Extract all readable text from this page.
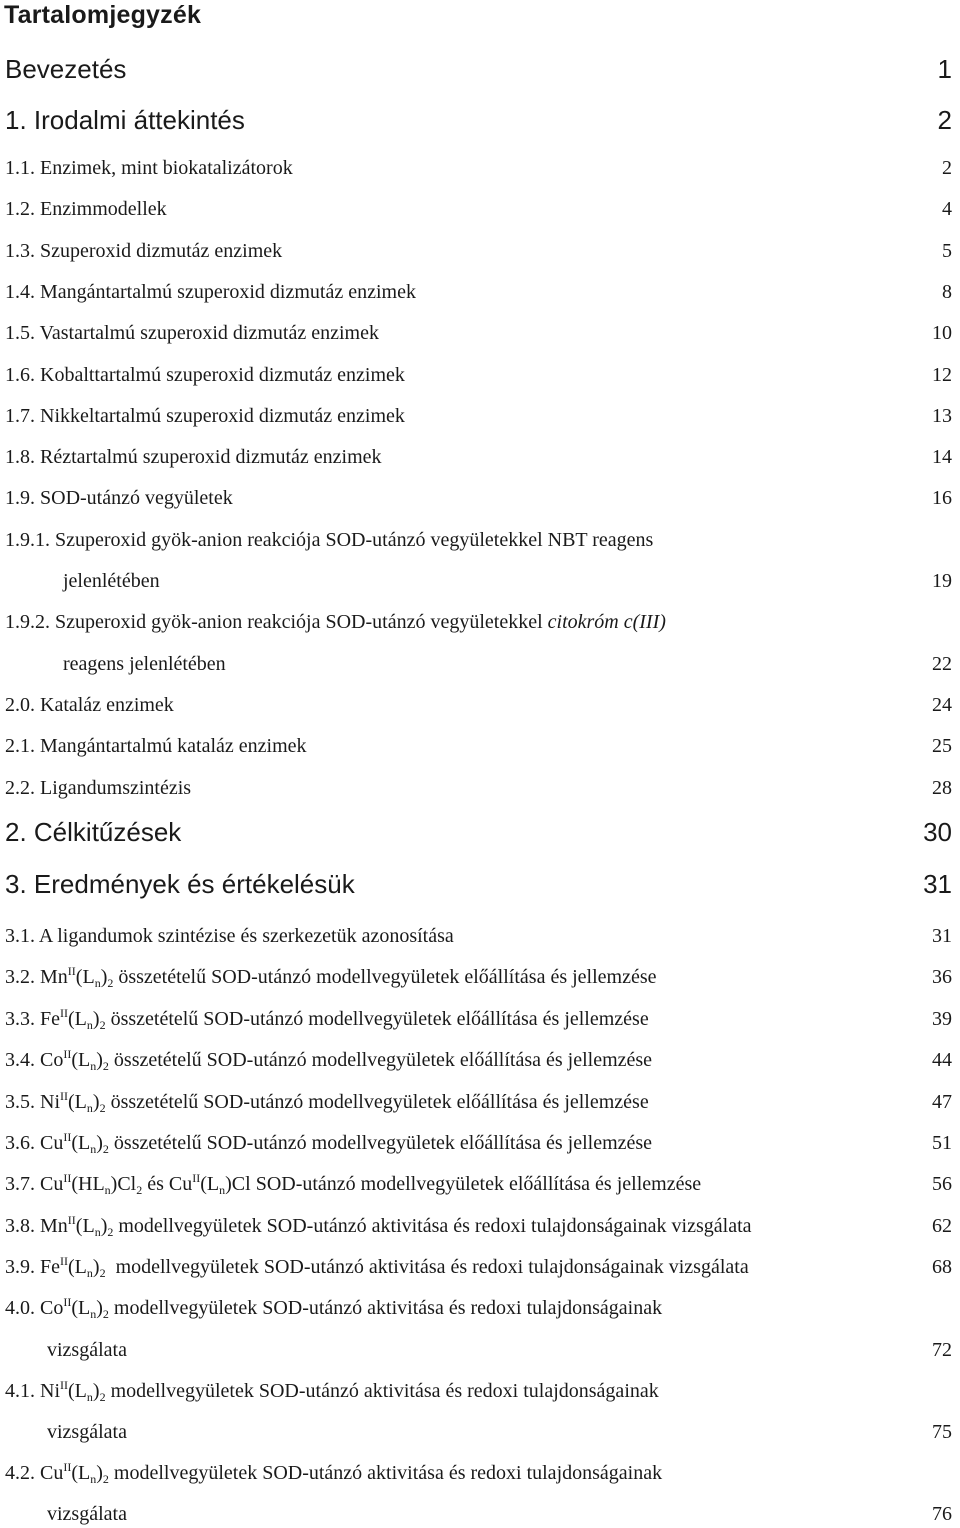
Tartalomjegyzék
Bevezetés	1
1. Irodalmi áttekintés	2
1.1. Enzimek, mint biokatalizátorok	2
1.2. Enzimmodellek	4
1.3. Szuperoxid dizmutáz enzimek	5
1.4. Mangántartalmú szuperoxid dizmutáz enzimek	8
1.5. Vastartalmú szuperoxid dizmutáz enzimek	10
1.6. Kobalttartalmú szuperoxid dizmutáz enzimek	12
1.7. Nikkeltartalmú szuperoxid dizmutáz enzimek	13
1.8. Réztartalmú szuperoxid dizmutáz enzimek	14
1.9. SOD-utánzó vegyületek	16
1.9.1. Szuperoxid gyök-anion reakciója SOD-utánzó vegyületekkel NBT reagens
jelenlétében	19
1.9.2. Szuperoxid gyök-anion reakciója SOD-utánzó vegyületekkel citokróm c(III)
reagens jelenlétében	22
2.0. Kataláz enzimek	24
2.1. Mangántartalmú kataláz enzimek	25
2.2. Ligandumszintézis	28
2. Célkitűzések	30
3. Eredmények és értékelésük	31
3.1. A ligandumok szintézise és szerkezetük azonosítása	31
3.2. $Mn^{II}(L_n)_2$ összetételű SOD-utánzó modellvegyületek előállítása és jellemzése	36
3.3. $Fe^{II}(L_n)_2$ összetételű SOD-utánzó modellvegyületek előállítása és jellemzése	39
3.4. $Co^{II}(L_n)_2$ összetételű SOD-utánzó modellvegyületek előállítása és jellemzése	44
3.5. $Ni^{II}(L_n)_2$ összetételű SOD-utánzó modellvegyületek előállítása és jellemzése	47
3.6. $Cu^{II}(L_n)_2$ összetételű SOD-utánzó modellvegyületek előállítása és jellemzése	51
3.7. $Cu^{II}(HL_n)Cl_2$ és $Cu^{II}(L_n)Cl$ SOD-utánzó modellvegyületek előállítása és jellemzése	56
3.8. $Mn^{II}(L_n)_2$ modellvegyületek SOD-utánzó aktivitása és redoxi tulajdonságainak vizsgálata	62
3.9. $Fe^{II}(L_n)_2$  modellvegyületek SOD-utánzó aktivitása és redoxi tulajdonságainak vizsgálata	68
4.0. $Co^{II}(L_n)_2$ modellvegyületek SOD-utánzó aktivitása és redoxi tulajdonságainak
vizsgálata	72
4.1. $Ni^{II}(L_n)_2$ modellvegyületek SOD-utánzó aktivitása és redoxi tulajdonságainak
vizsgálata	75
4.2. $Cu^{II}(L_n)_2$ modellvegyületek SOD-utánzó aktivitása és redoxi tulajdonságainak
vizsgálata	76
